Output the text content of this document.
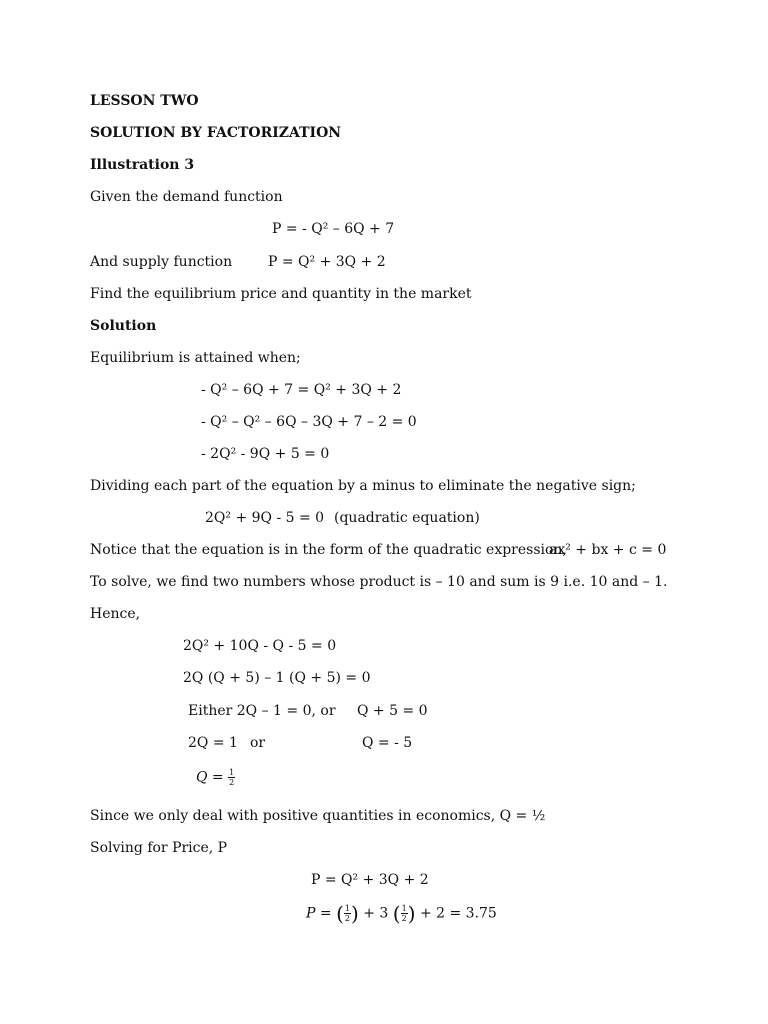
LESSON TWO
SOLUTION BY FACTORIZATION
Illustration 3
Given the demand function
P = - Q² – 6Q + 7
And supply function	P = Q² + 3Q + 2
Find the equilibrium price and quantity in the market
Solution
Equilibrium is attained when;
- Q² – 6Q + 7 = Q² + 3Q + 2
- Q² – Q² – 6Q – 3Q + 7 – 2 = 0
- 2Q² - 9Q + 5 = 0
Dividing each part of the equation by a minus to eliminate the negative sign;
2Q² + 9Q - 5 = 0 (quadratic equation)
Notice that the equation is in the form of the quadratic expression,
ax² + bx + c = 0
To solve, we find two numbers whose product is – 10 and sum is 9 i.e. 10 and – 1.
Hence,
2Q² + 10Q - Q - 5 = 0
2Q (Q + 5) – 1 (Q + 5) = 0
Either 2Q – 1 = 0, or Q + 5 = 0
2Q = 1 or	Q = - 5
$Q = \frac{1}{2}$
Since we only deal with positive quantities in economics, Q = ½
Solving for Price, P
P = Q² + 3Q + 2
P = ( $\frac{1}{2}$ ) + 3 ( $\frac{1}{2}$ ) + 2 = 3.75
